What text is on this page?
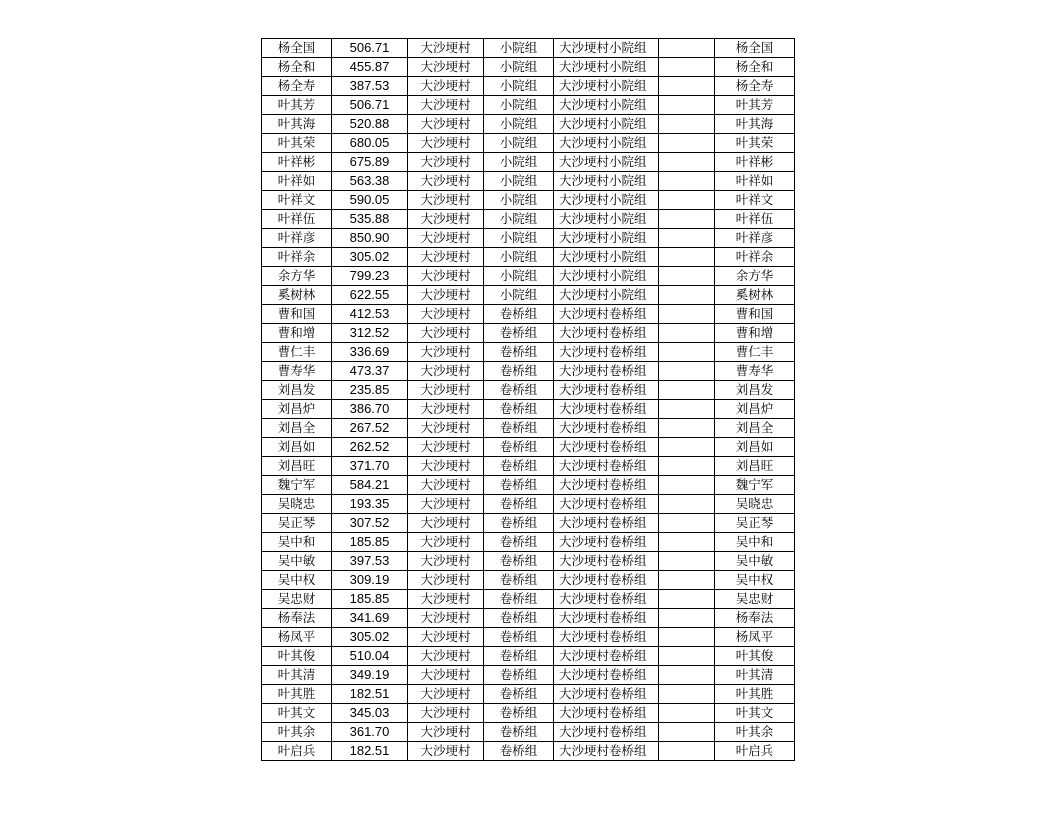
杨全国	506.71	大沙埂村	小院组	大沙埂村小院组		杨全国
杨全和	455.87	大沙埂村	小院组	大沙埂村小院组		杨全和
杨全寿	387.53	大沙埂村	小院组	大沙埂村小院组		杨全寿
叶其芳	506.71	大沙埂村	小院组	大沙埂村小院组		叶其芳
叶其海	520.88	大沙埂村	小院组	大沙埂村小院组		叶其海
叶其荣	680.05	大沙埂村	小院组	大沙埂村小院组		叶其荣
叶祥彬	675.89	大沙埂村	小院组	大沙埂村小院组		叶祥彬
叶祥如	563.38	大沙埂村	小院组	大沙埂村小院组		叶祥如
叶祥文	590.05	大沙埂村	小院组	大沙埂村小院组		叶祥文
叶祥伍	535.88	大沙埂村	小院组	大沙埂村小院组		叶祥伍
叶祥彦	850.90	大沙埂村	小院组	大沙埂村小院组		叶祥彦
叶祥余	305.02	大沙埂村	小院组	大沙埂村小院组		叶祥余
余方华	799.23	大沙埂村	小院组	大沙埂村小院组		余方华
奚树林	622.55	大沙埂村	小院组	大沙埂村小院组		奚树林
曹和国	412.53	大沙埂村	卷桥组	大沙埂村卷桥组		曹和国
曹和增	312.52	大沙埂村	卷桥组	大沙埂村卷桥组		曹和增
曹仁丰	336.69	大沙埂村	卷桥组	大沙埂村卷桥组		曹仁丰
曹寿华	473.37	大沙埂村	卷桥组	大沙埂村卷桥组		曹寿华
刘昌发	235.85	大沙埂村	卷桥组	大沙埂村卷桥组		刘昌发
刘昌炉	386.70	大沙埂村	卷桥组	大沙埂村卷桥组		刘昌炉
刘昌全	267.52	大沙埂村	卷桥组	大沙埂村卷桥组		刘昌全
刘昌如	262.52	大沙埂村	卷桥组	大沙埂村卷桥组		刘昌如
刘昌旺	371.70	大沙埂村	卷桥组	大沙埂村卷桥组		刘昌旺
魏宁军	584.21	大沙埂村	卷桥组	大沙埂村卷桥组		魏宁军
吴晓忠	193.35	大沙埂村	卷桥组	大沙埂村卷桥组		吴晓忠
吴正琴	307.52	大沙埂村	卷桥组	大沙埂村卷桥组		吴正琴
吴中和	185.85	大沙埂村	卷桥组	大沙埂村卷桥组		吴中和
吴中敏	397.53	大沙埂村	卷桥组	大沙埂村卷桥组		吴中敏
吴中权	309.19	大沙埂村	卷桥组	大沙埂村卷桥组		吴中权
吴忠财	185.85	大沙埂村	卷桥组	大沙埂村卷桥组		吴忠财
杨奉法	341.69	大沙埂村	卷桥组	大沙埂村卷桥组		杨奉法
杨凤平	305.02	大沙埂村	卷桥组	大沙埂村卷桥组		杨凤平
叶其俊	510.04	大沙埂村	卷桥组	大沙埂村卷桥组		叶其俊
叶其清	349.19	大沙埂村	卷桥组	大沙埂村卷桥组		叶其清
叶其胜	182.51	大沙埂村	卷桥组	大沙埂村卷桥组		叶其胜
叶其文	345.03	大沙埂村	卷桥组	大沙埂村卷桥组		叶其文
叶其余	361.70	大沙埂村	卷桥组	大沙埂村卷桥组		叶其余
叶启兵	182.51	大沙埂村	卷桥组	大沙埂村卷桥组		叶启兵
